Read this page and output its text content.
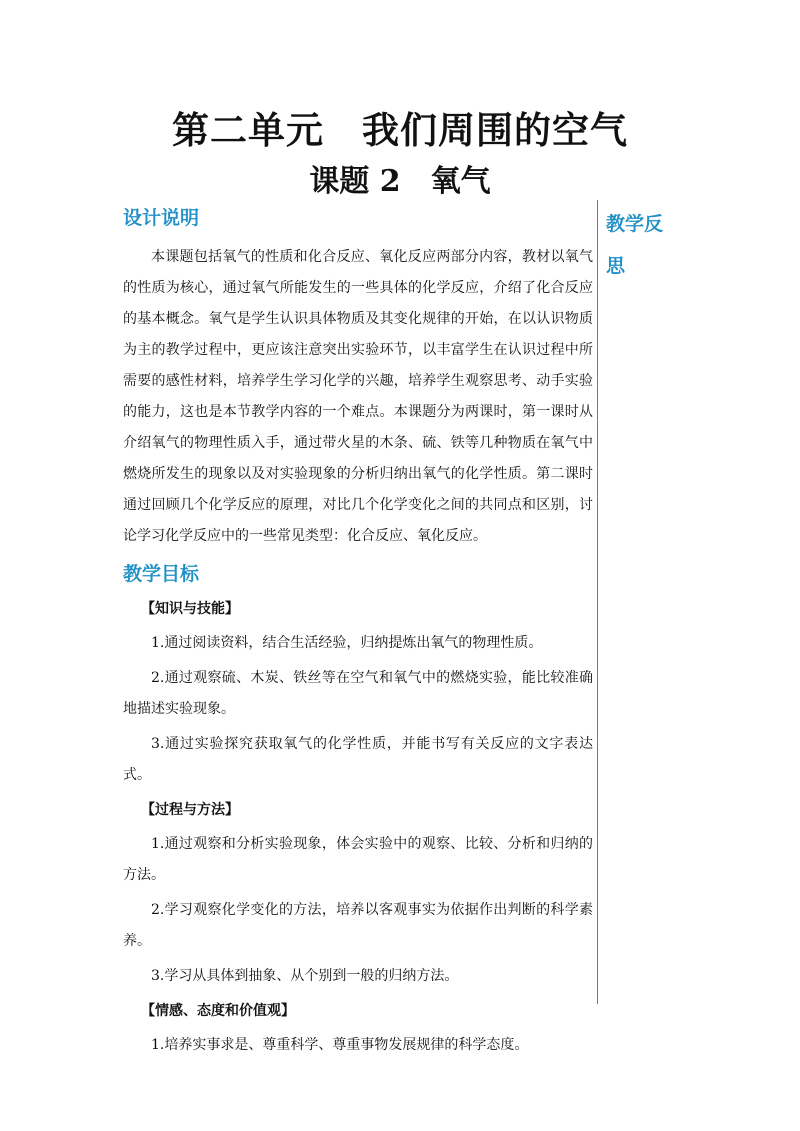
第二单元　我们周围的空气
课题 2　氧气
教学反思
设计说明

本课题包括氧气的性质和化合反应、氧化反应两部分内容，教材以氧气的性质为核心，通过氧气所能发生的一些具体的化学反应，介绍了化合反应的基本概念。氧气是学生认识具体物质及其变化规律的开始，在以认识物质为主的教学过程中，更应该注意突出实验环节，以丰富学生在认识过程中所需要的感性材料，培养学生学习化学的兴趣，培养学生观察思考、动手实验的能力，这也是本节教学内容的一个难点。本课题分为两课时，第一课时从介绍氧气的物理性质入手，通过带火星的木条、硫、铁等几种物质在氧气中燃烧所发生的现象以及对实验现象的分析归纳出氧气的化学性质。第二课时通过回顾几个化学反应的原理，对比几个化学变化之间的共同点和区别，讨论学习化学反应中的一些常见类型：化合反应、氧化反应。

教学目标
【知识与技能】

1.通过阅读资料，结合生活经验，归纳提炼出氧气的物理性质。

2.通过观察硫、木炭、铁丝等在空气和氧气中的燃烧实验，能比较准确地描述实验现象。

3.通过实验探究获取氧气的化学性质，并能书写有关反应的文字表达式。

【过程与方法】

1.通过观察和分析实验现象，体会实验中的观察、比较、分析和归纳的方法。

2.学习观察化学变化的方法，培养以客观事实为依据作出判断的科学素养。

3.学习从具体到抽象、从个别到一般的归纳方法。

【情感、态度和价值观】

1.培养实事求是、尊重科学、尊重事物发展规律的科学态度。
